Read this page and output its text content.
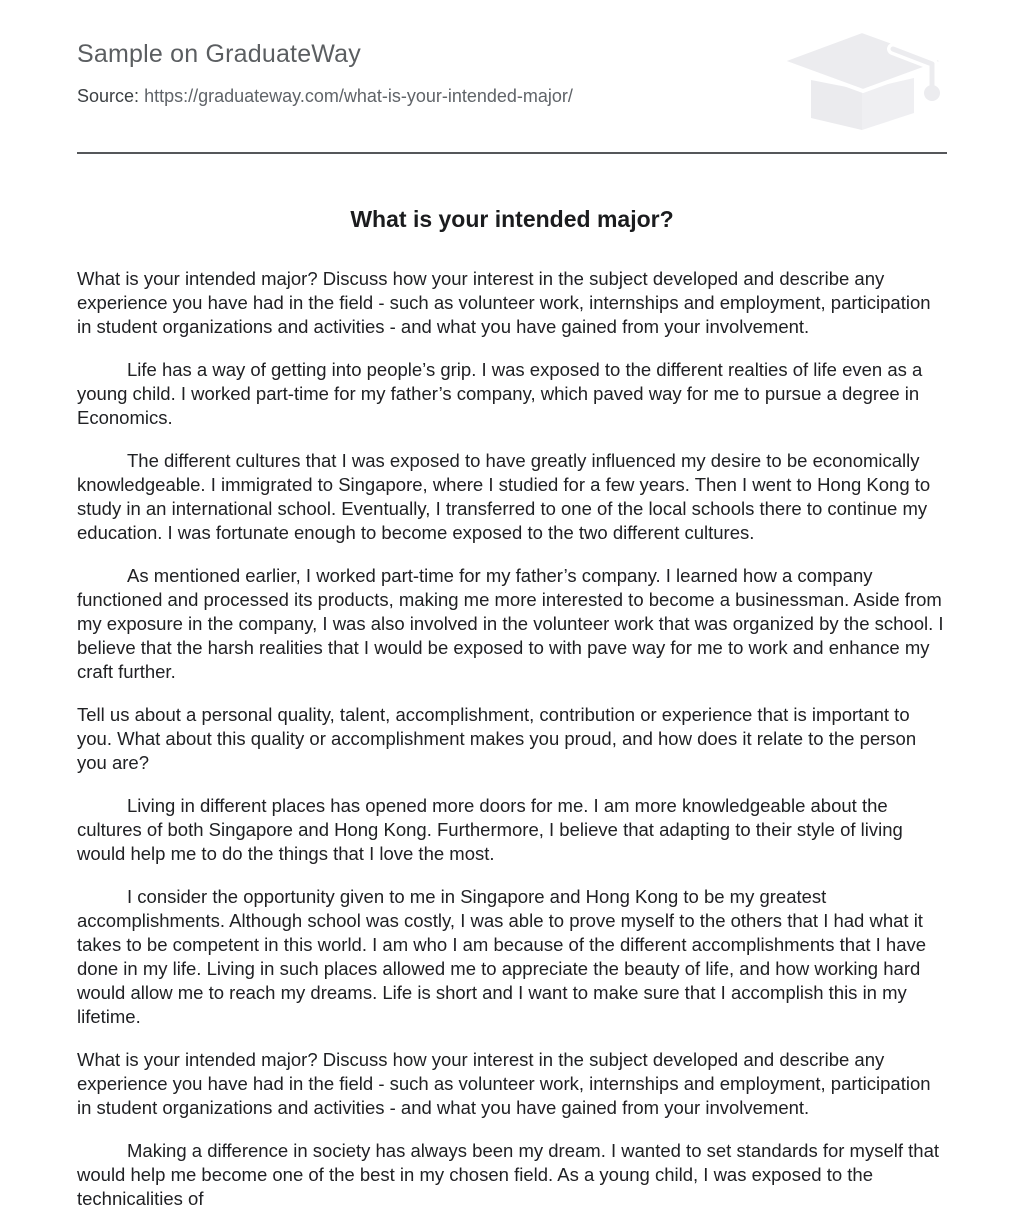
Sample on GraduateWay

Source: https://graduateway.com/what-is-your-intended-major/

What is your intended major?

What is your intended major? Discuss how your interest in the subject developed and describe any experience you have had in the field - such as volunteer work, internships and employment, participation in student organizations and activities - and what you have gained from your involvement.

Life has a way of getting into people’s grip. I was exposed to the different realties of life even as a young child. I worked part-time for my father’s company, which paved way for me to pursue a degree in Economics.

The different cultures that I was exposed to have greatly influenced my desire to be economically knowledgeable. I immigrated to Singapore, where I studied for a few years. Then I went to Hong Kong to study in an international school. Eventually, I transferred to one of the local schools there to continue my education. I was fortunate enough to become exposed to the two different cultures.

As mentioned earlier, I worked part-time for my father’s company. I learned how a company functioned and processed its products, making me more interested to become a businessman. Aside from my exposure in the company, I was also involved in the volunteer work that was organized by the school. I believe that the harsh realities that I would be exposed to with pave way for me to work and enhance my craft further.

Tell us about a personal quality, talent, accomplishment, contribution or experience that is important to you. What about this quality or accomplishment makes you proud, and how does it relate to the person you are?

Living in different places has opened more doors for me. I am more knowledgeable about the cultures of both Singapore and Hong Kong. Furthermore, I believe that adapting to their style of living would help me to do the things that I love the most.

I consider the opportunity given to me in Singapore and Hong Kong to be my greatest accomplishments. Although school was costly, I was able to prove myself to the others that I had what it takes to be competent in this world. I am who I am because of the different accomplishments that I have done in my life. Living in such places allowed me to appreciate the beauty of life, and how working hard would allow me to reach my dreams. Life is short and I want to make sure that I accomplish this in my lifetime.

What is your intended major? Discuss how your interest in the subject developed and describe any experience you have had in the field - such as volunteer work, internships and employment, participation in student organizations and activities - and what you have gained from your involvement.

Making a difference in society has always been my dream. I wanted to set standards for myself that would help me become one of the best in my chosen field. As a young child, I was exposed to the technicalities of
